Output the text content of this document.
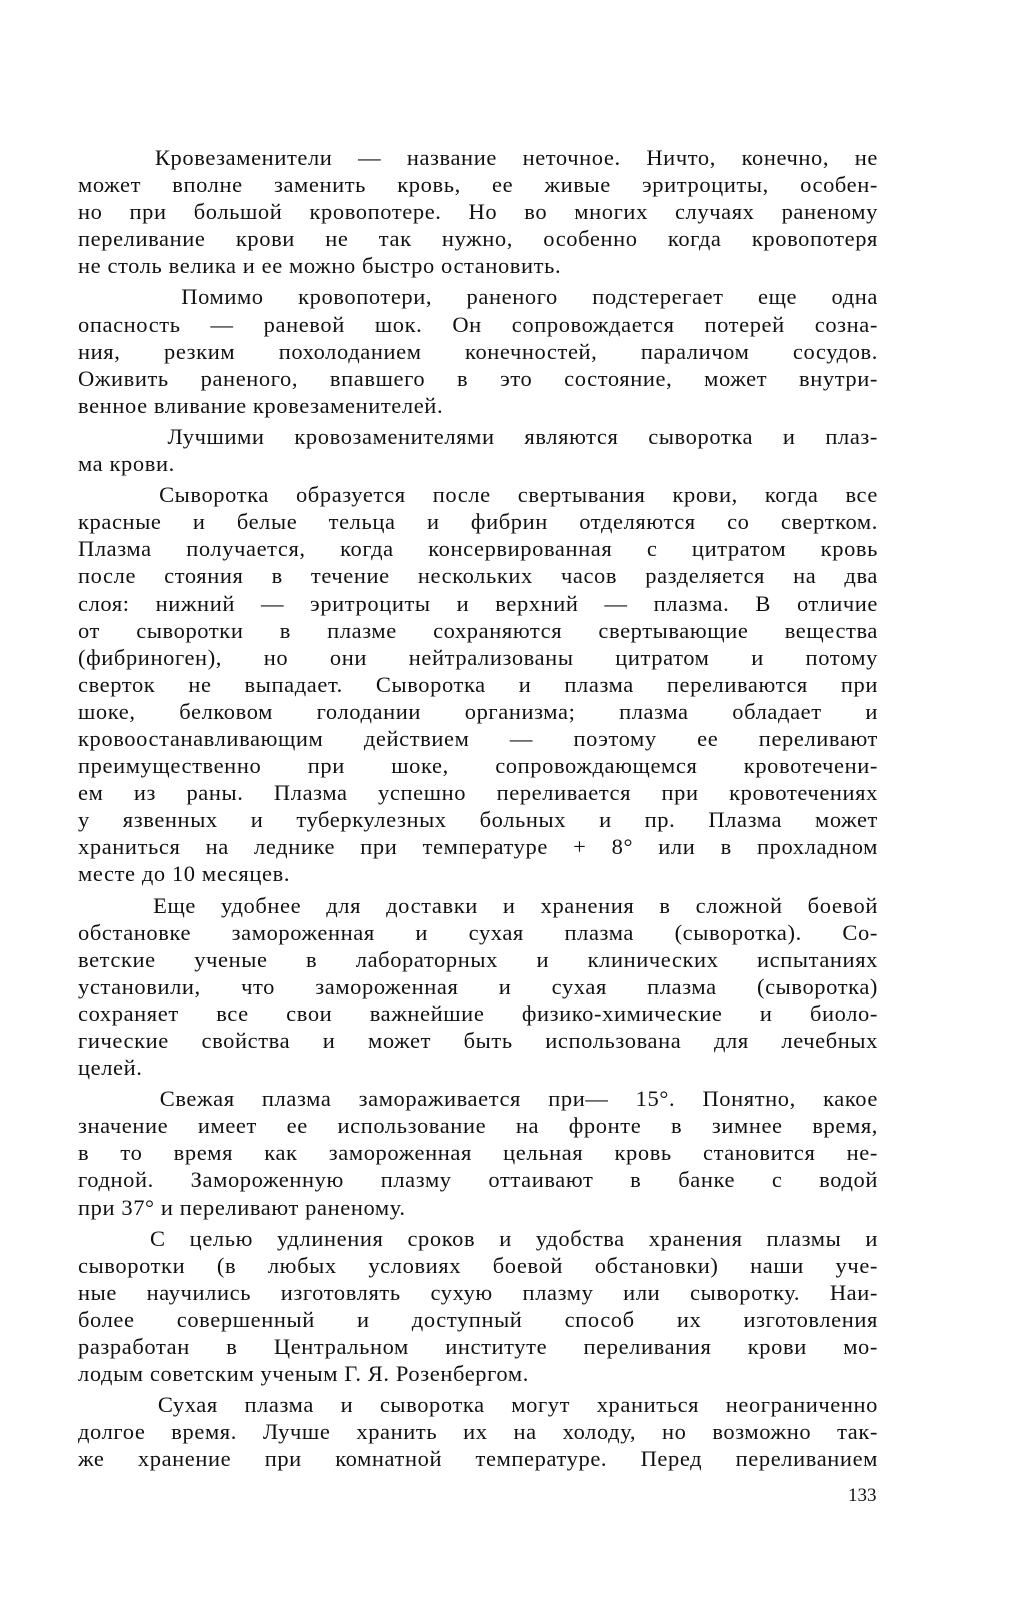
Кровезаменители — название неточное. Ничто, конечно, не
может вполне заменить кровь, ее живые эритроциты, особен-
но при большой кровопотере. Но во многих случаях раненому
переливание крови не так нужно, особенно когда кровопотеря
не столь велика и ее можно быстро остановить.
Помимо кровопотери, раненого подстерегает еще одна
опасность — раневой шок. Он сопровождается потерей созна-
ния, резким похолоданием конечностей, параличом сосудов.
Оживить раненого, впавшего в это состояние, может внутри-
венное вливание кровезаменителей.
Лучшими кровозаменителями являются сыворотка и плаз-
ма крови.
Сыворотка образуется после свертывания крови, когда все
красные и белые тельца и фибрин отделяются со свертком.
Плазма получается, когда консервированная с цитратом кровь
после стояния в течение нескольких часов разделяется на два
слоя: нижний — эритроциты и верхний — плазма. В отличие
от сыворотки в плазме сохраняются свертывающие вещества
(фибриноген), но они нейтрализованы цитратом и потому
сверток не выпадает. Сыворотка и плазма переливаются при
шоке, белковом голодании организма; плазма обладает и
кровоостанавливающим действием — поэтому ее переливают
преимущественно при шоке, сопровождающемся кровотечени-
ем из раны. Плазма успешно переливается при кровотечениях
у язвенных и туберкулезных больных и пр. Плазма может
храниться на леднике при температуре + 8° или в прохладном
месте до 10 месяцев.
Еще удобнее для доставки и хранения в сложной боевой
обстановке замороженная и сухая плазма (сыворотка). Со-
ветские ученые в лабораторных и клинических испытаниях
установили, что замороженная и сухая плазма (сыворотка)
сохраняет все свои важнейшие физико-химические и биоло-
гические свойства и может быть использована для лечебных
целей.
Свежая плазма замораживается при— 15°. Понятно, какое
значение имеет ее использование на фронте в зимнее время,
в то время как замороженная цельная кровь становится не-
годной. Замороженную плазму оттаивают в банке с водой
при 37° и переливают раненому.
С целью удлинения сроков и удобства хранения плазмы и
сыворотки (в любых условиях боевой обстановки) наши уче-
ные научились изготовлять сухую плазму или сыворотку. Наи-
более совершенный и доступный способ их изготовления
разработан в Центральном институте переливания крови мо-
лодым советским ученым Г. Я. Розенбергом.
Сухая плазма и сыворотка могут храниться неограниченно
долгое время. Лучше хранить их на холоду, но возможно так-
же хранение при комнатной температуре. Перед переливанием
133
